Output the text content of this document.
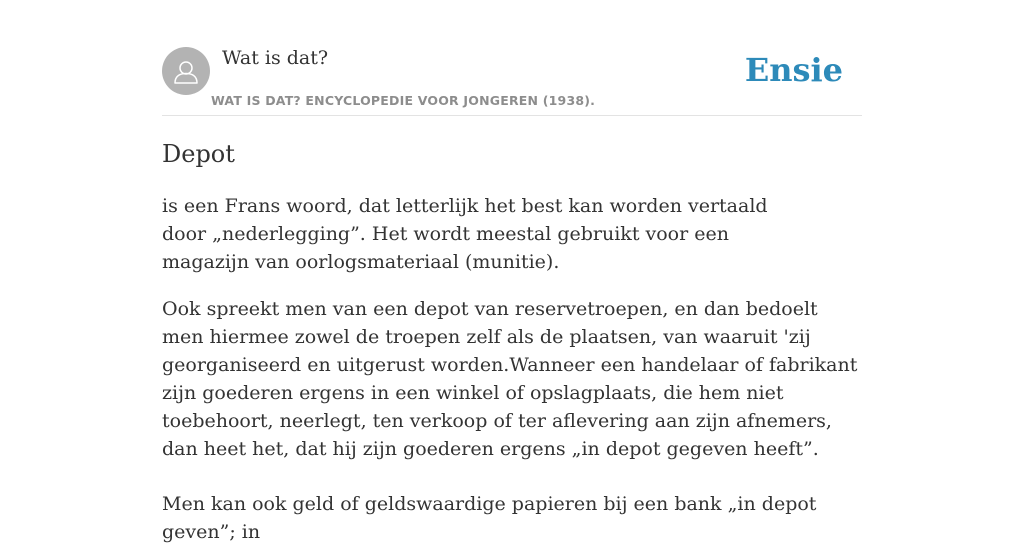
Wat is dat?
WAT IS DAT? ENCYCLOPEDIE VOOR JONGEREN (1938).
Ensie
Depot

is een Frans woord, dat letterlijk het best kan worden vertaald door „nederlegging”. Het wordt meestal gebruikt voor een magazijn van oorlogsmateriaal (munitie).

Ook spreekt men van een depot van reservetroepen, en dan bedoelt men hiermee zowel de troepen zelf als de plaatsen, van waaruit 'zij georganiseerd en uitgerust worden.Wanneer een handelaar of fabrikant zijn goederen ergens in een winkel of opslagplaats, die hem niet toebehoort, neerlegt, ten verkoop of ter aflevering aan zijn afnemers, dan heet het, dat hij zijn goederen ergens „in depot gegeven heeft”.

Men kan ook geld of geldswaardige papieren bij een bank „in depot geven”; in
